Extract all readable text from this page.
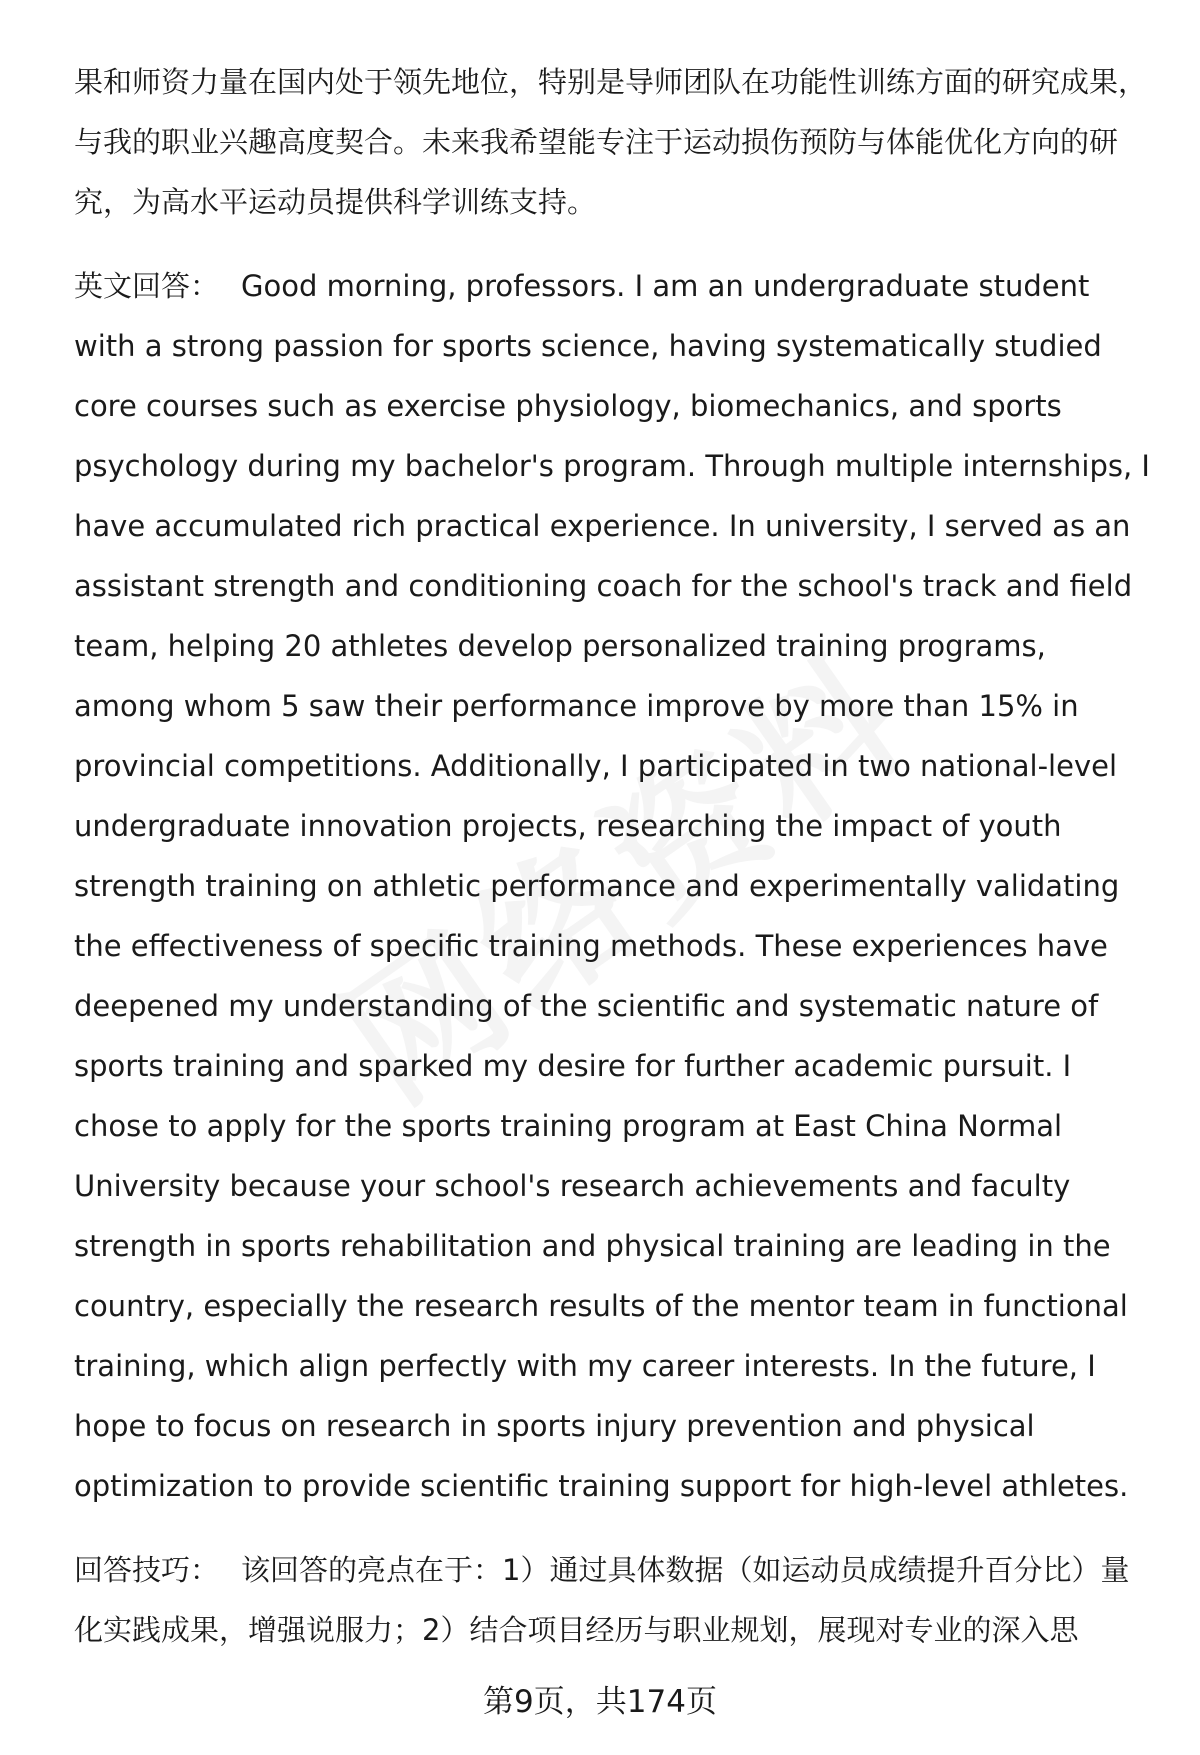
果和师资力量在国内处于领先地位，特别是导师团队在功能性训练方面的研究成果，与我的职业兴趣高度契合。未来我希望能专注于运动损伤预防与体能优化方向的研究，为高水平运动员提供科学训练支持。

英文回答： Good morning, professors. I am an undergraduate student with a strong passion for sports science, having systematically studied core courses such as exercise physiology, biomechanics, and sports psychology during my bachelor's program. Through multiple internships, I have accumulated rich practical experience. In university, I served as an assistant strength and conditioning coach for the school's track and field team, helping 20 athletes develop personalized training programs, among whom 5 saw their performance improve by more than 15% in provincial competitions. Additionally, I participated in two national-level undergraduate innovation projects, researching the impact of youth strength training on athletic performance and experimentally validating the effectiveness of specific training methods. These experiences have deepened my understanding of the scientific and systematic nature of sports training and sparked my desire for further academic pursuit. I chose to apply for the sports training program at East China Normal University because your school's research achievements and faculty strength in sports rehabilitation and physical training are leading in the country, especially the research results of the mentor team in functional training, which align perfectly with my career interests. In the future, I hope to focus on research in sports injury prevention and physical optimization to provide scientific training support for high-level athletes.

回答技巧： 该回答的亮点在于：1）通过具体数据（如运动员成绩提升百分比）量化实践成果，增强说服力；2）结合项目经历与职业规划，展现对专业的深入思

第9页，共174页
